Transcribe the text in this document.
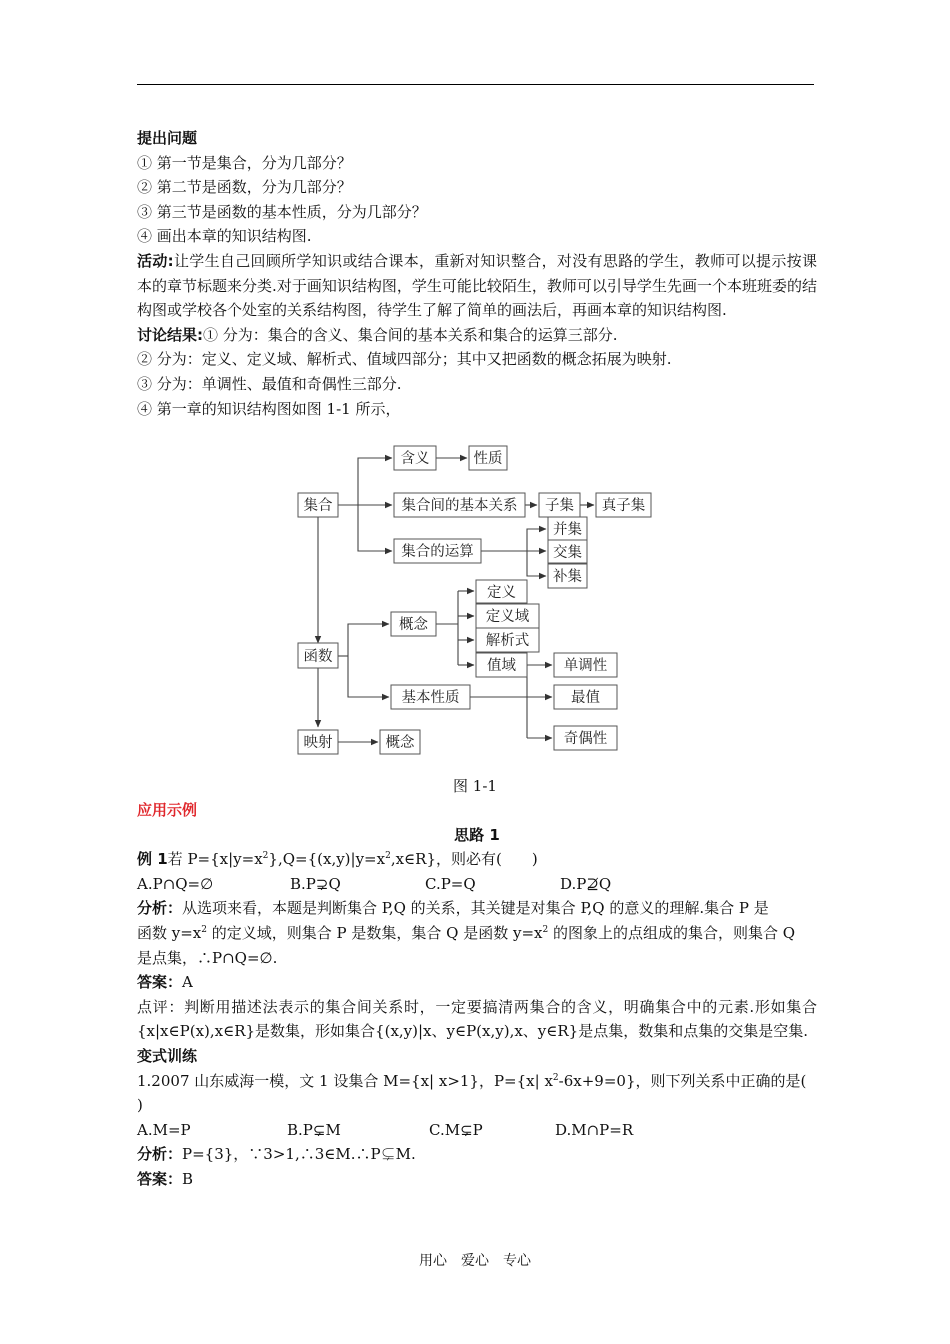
提出问题
① 第一节是集合，分为几部分？
② 第二节是函数，分为几部分？
③ 第三节是函数的基本性质，分为几部分？
④ 画出本章的知识结构图.
活动:让学生自己回顾所学知识或结合课本，重新对知识整合，对没有思路的学生，教师可以提示按课本的章节标题来分类.对于画知识结构图，学生可能比较陌生，教师可以引导学生先画一个本班班委的结构图或学校各个处室的关系结构图，待学生了解了简单的画法后，再画本章的知识结构图.
讨论结果:① 分为：集合的含义、集合间的基本关系和集合的运算三部分.
② 分为：定义、定义域、解析式、值域四部分；其中又把函数的概念拓展为映射.
③ 分为：单调性、最值和奇偶性三部分.
④ 第一章的知识结构图如图 1-1 所示，
集合
含义	性质
集合间的基本关系 子集 真子集
集合的运算
并集
交集
补集
函数
概念
定义
定义域
解析式
值域
基本性质
单调性
最值
奇偶性
映射	概念
图 1-1
应用示例
思路 1
例 1若 $P=\{x|y=x^2\},Q=\{(x,y)|y=x^2,x\in R\}$，则必有(　　)
A.P∩Q=∅	B.P⊋Q	C.P=Q	D.P⊉Q
分析：从选项来看，本题是判断集合 P,Q 的关系，其关键是对集合 P,Q 的意义的理解.集合 P 是
函数 $y=x^2$ 的定义域，则集合 P 是数集，集合 Q 是函数 $y=x^2$ 的图象上的点组成的集合，则集合 Q
是点集，∴P∩Q=∅.
答案：A
点评：判断用描述法表示的集合间关系时，一定要搞清两集合的含义，明确集合中的元素.形如集合{x|x∈P(x),x∈R}是数集，形如集合{(x,y)|x、y∈P(x,y),x、y∈R}是点集，数集和点集的交集是空集.
变式训练
1.2007 山东威海一模，文 1 设集合 M={x| x>1}，P={x| $x^2-6x+9=0$}，则下列关系中正确的是(
)
A.M=P	B.P⊊M	C.M⊊P	D.M∩P=R
分析：P={3}，∵3>1,∴3∈M.∴P⊊M.
答案：B
用心　爱心　专心
